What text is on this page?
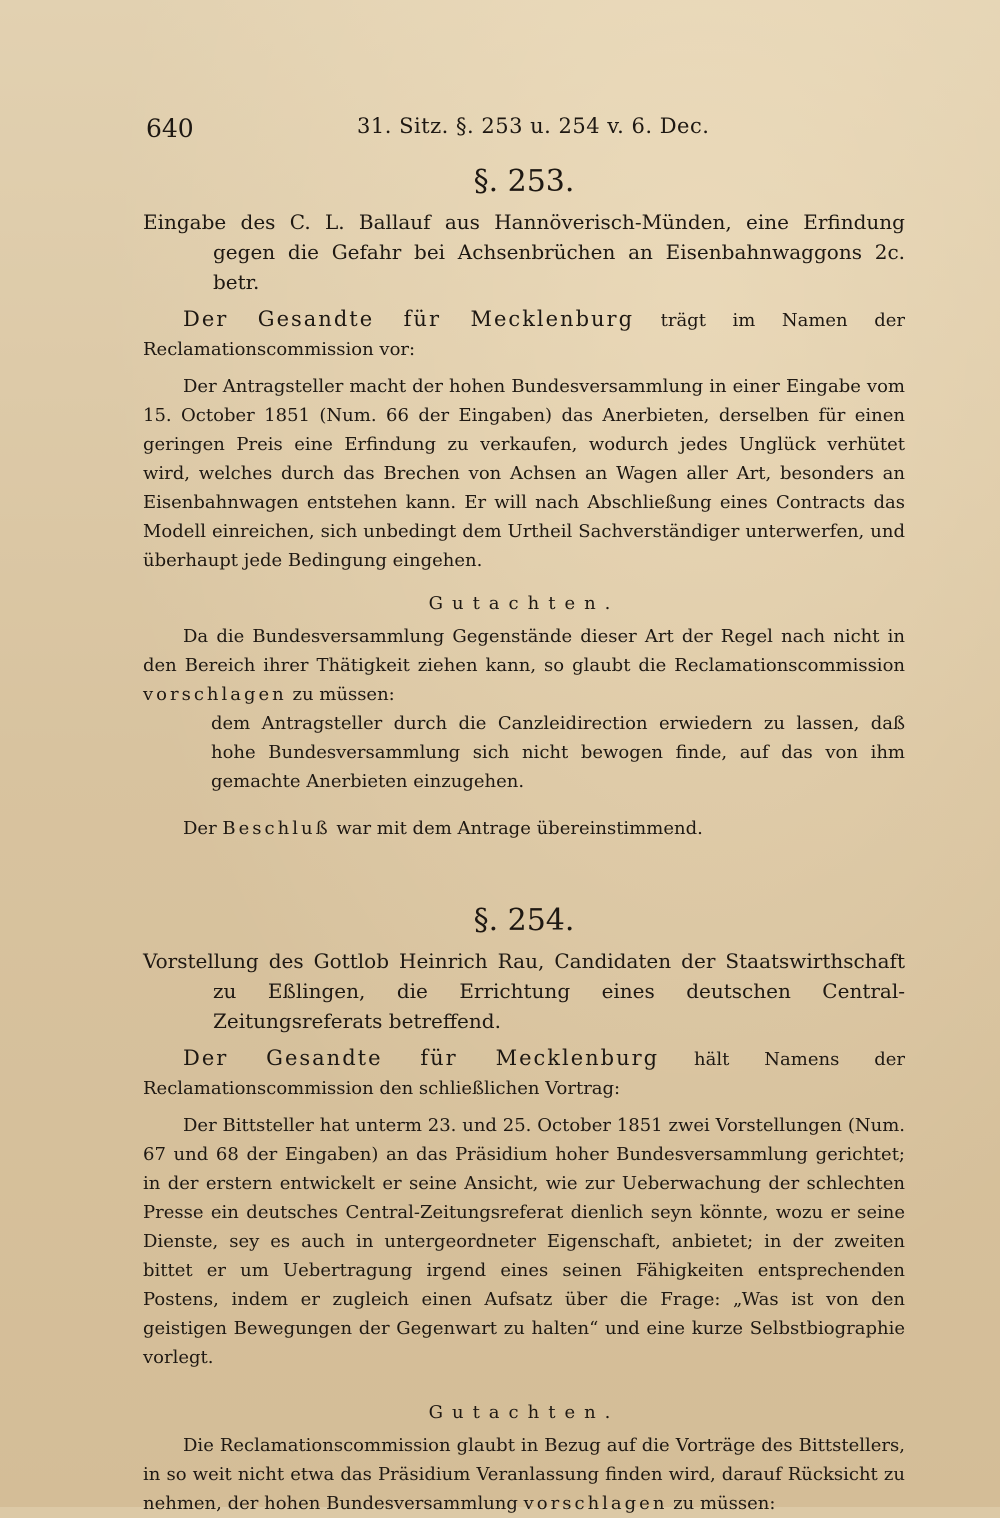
640	31. Sitz. §. 253 u. 254 v. 6. Dec.
§. 253.

Eingabe des C. L. Ballauf aus Hannöverisch-Münden, eine Erfindung gegen die Gefahr bei Achsenbrüchen an Eisenbahnwaggons 2c. betr.

Der Gesandte für Mecklenburg trägt im Namen der Reclamationscommission vor:

Der Antragsteller macht der hohen Bundesversammlung in einer Eingabe vom 15. October 1851 (Num. 66 der Eingaben) das Anerbieten, derselben für einen geringen Preis eine Erfindung zu verkaufen, wodurch jedes Unglück verhütet wird, welches durch das Brechen von Achsen an Wagen aller Art, besonders an Eisenbahnwagen entstehen kann. Er will nach Abschließung eines Contracts das Modell einreichen, sich unbedingt dem Urtheil Sachverständiger unterwerfen, und überhaupt jede Bedingung eingehen.

Gutachten.

Da die Bundesversammlung Gegenstände dieser Art der Regel nach nicht in den Bereich ihrer Thätigkeit ziehen kann, so glaubt die Reclamationscommission vorschlagen zu müssen:

dem Antragsteller durch die Canzleidirection erwiedern zu lassen, daß hohe Bundesversammlung sich nicht bewogen finde, auf das von ihm gemachte Anerbieten einzugehen.

Der Beschluß war mit dem Antrage übereinstimmend.

§. 254.

Vorstellung des Gottlob Heinrich Rau, Candidaten der Staatswirthschaft zu Eßlingen, die Errichtung eines deutschen Central-Zeitungsreferats betreffend.

Der Gesandte für Mecklenburg hält Namens der Reclamationscommission den schließlichen Vortrag:

Der Bittsteller hat unterm 23. und 25. October 1851 zwei Vorstellungen (Num. 67 und 68 der Eingaben) an das Präsidium hoher Bundesversammlung gerichtet; in der erstern entwickelt er seine Ansicht, wie zur Ueberwachung der schlechten Presse ein deutsches Central-Zeitungsreferat dienlich seyn könnte, wozu er seine Dienste, sey es auch in untergeordneter Eigenschaft, anbietet; in der zweiten bittet er um Uebertragung irgend eines seinen Fähigkeiten entsprechenden Postens, indem er zugleich einen Aufsatz über die Frage: „Was ist von den geistigen Bewegungen der Gegenwart zu halten“ und eine kurze Selbstbiographie vorlegt.

Gutachten.

Die Reclamationscommission glaubt in Bezug auf die Vorträge des Bittstellers, in so weit nicht etwa das Präsidium Veranlassung finden wird, darauf Rücksicht zu nehmen, der hohen Bundesversammlung vorschlagen zu müssen:
